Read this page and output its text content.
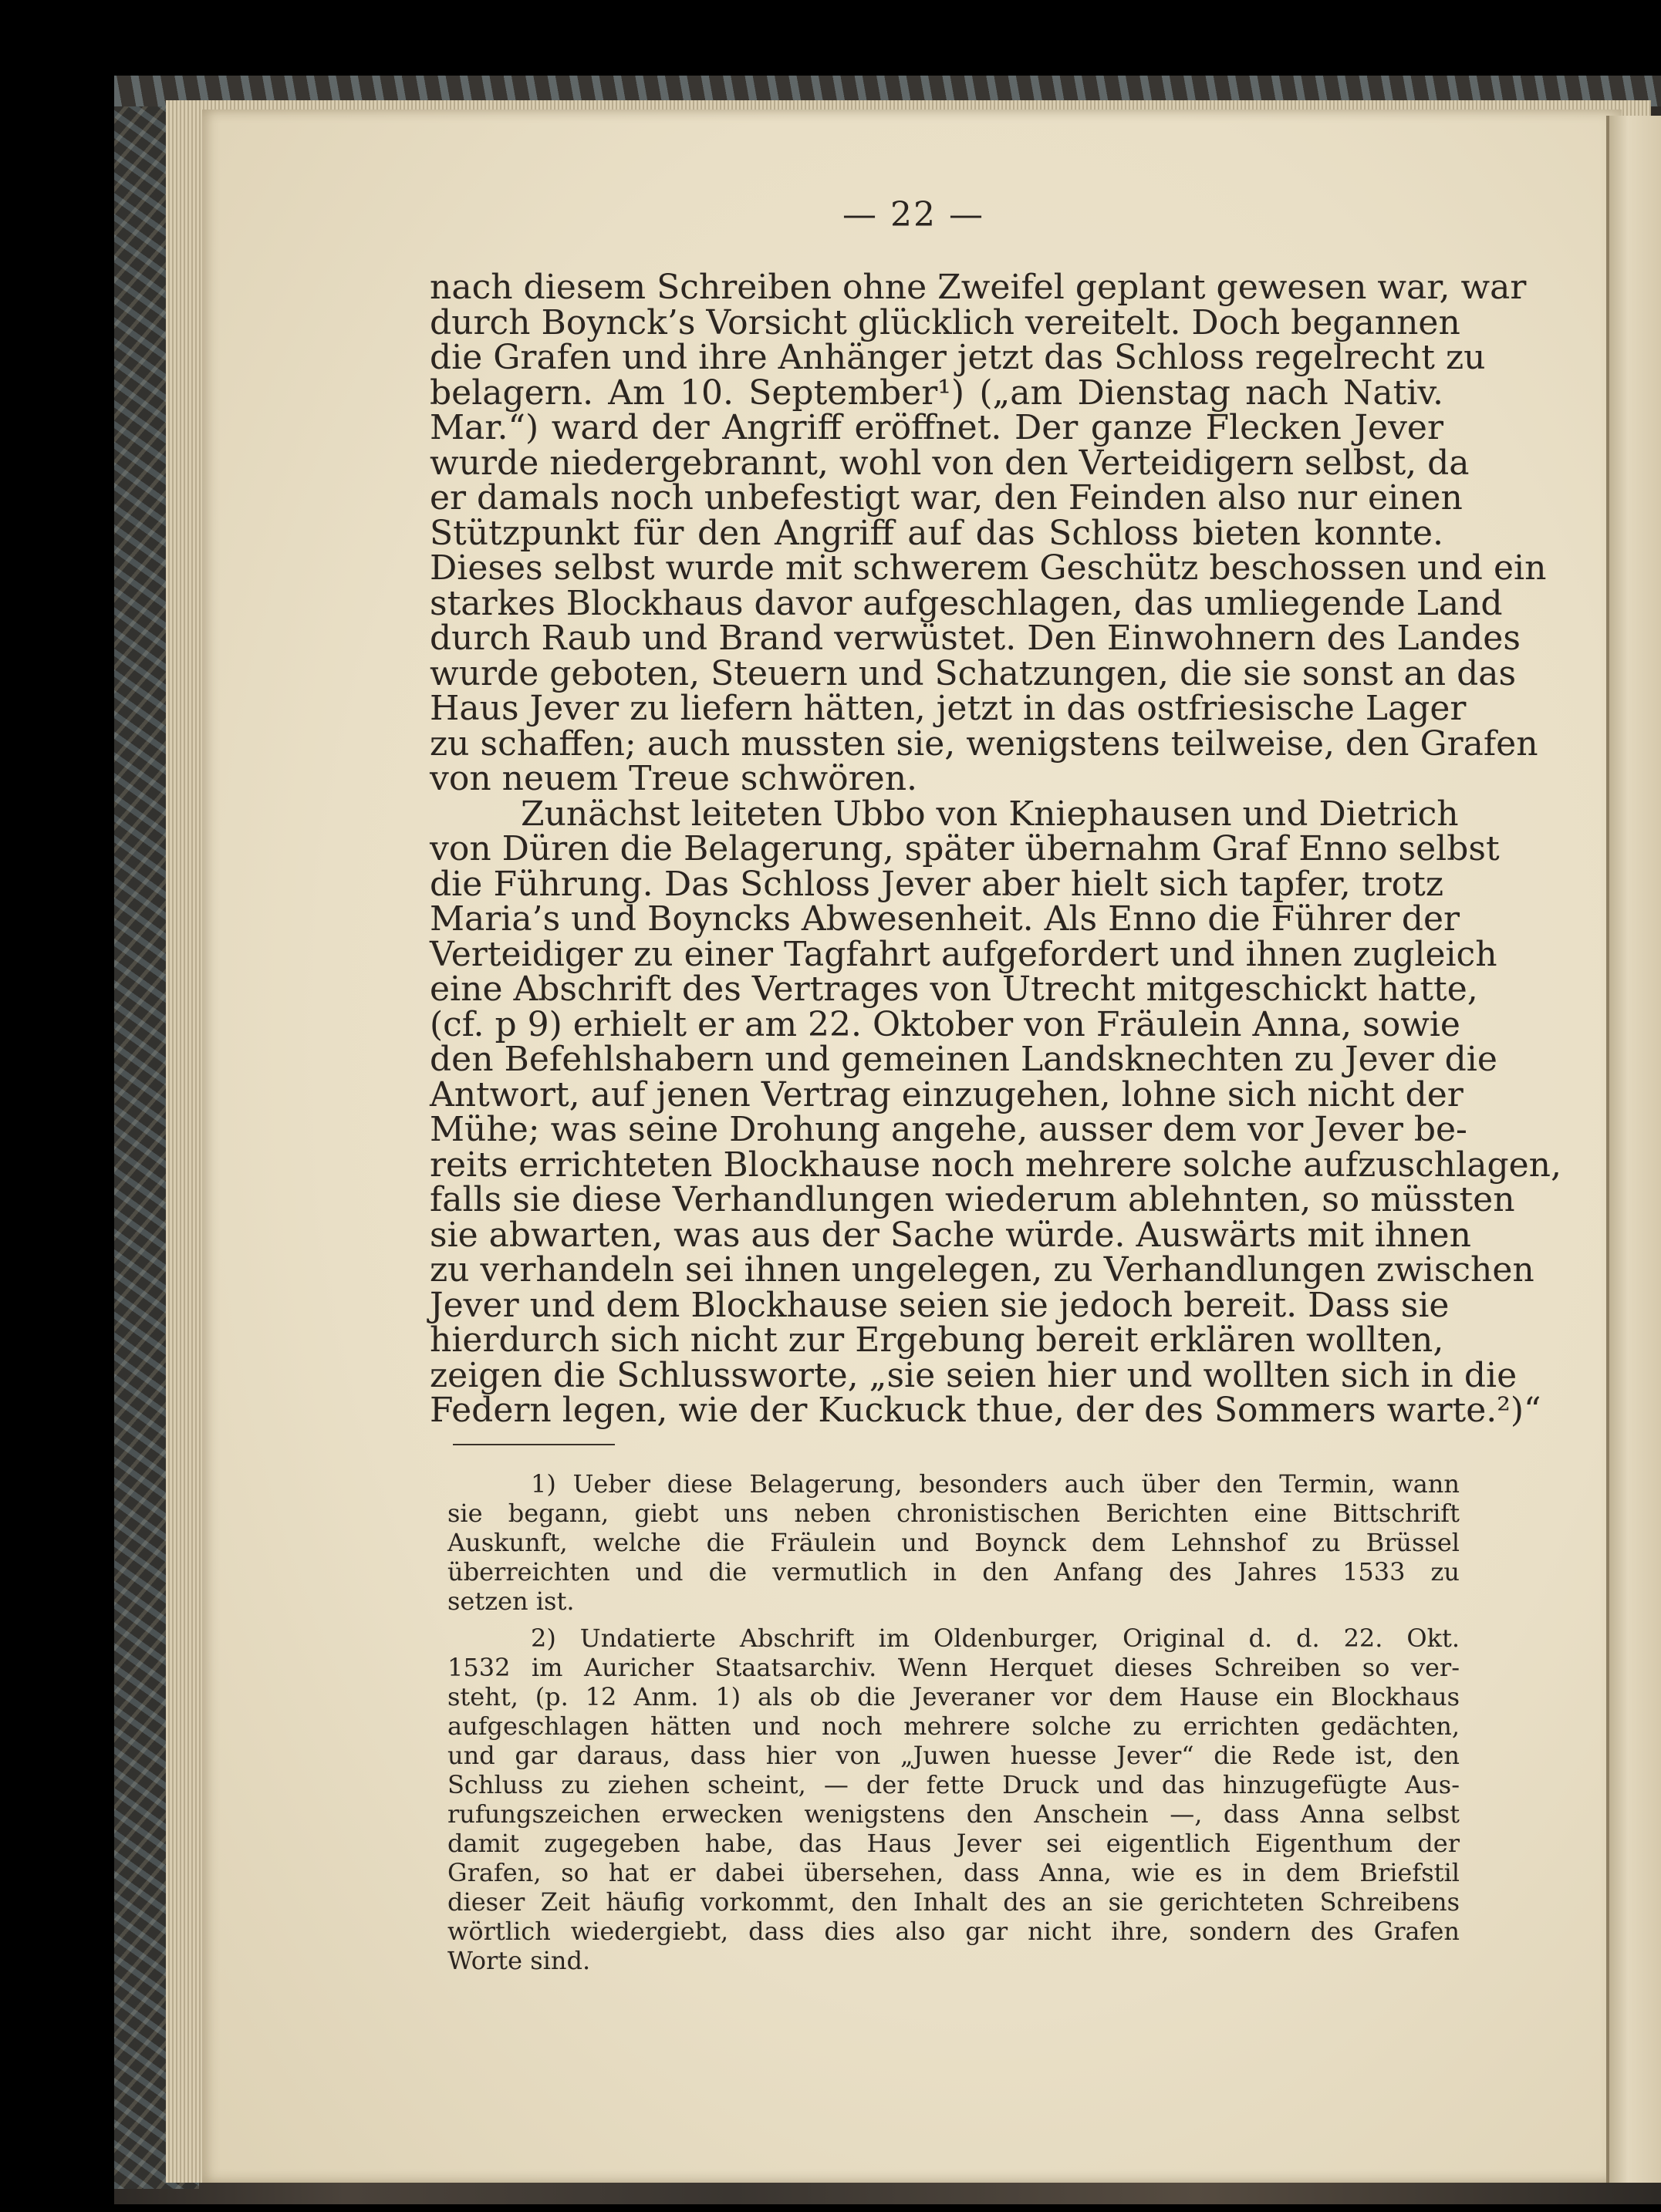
— 22 —
nach diesem Schreiben ohne Zweifel geplant gewesen war, war
durch Boynck’s Vorsicht glücklich vereitelt. Doch begannen
die Grafen und ihre Anhänger jetzt das Schloss regelrecht zu
belagern. Am 10. September¹) („am Dienstag nach Nativ.
Mar.“) ward der Angriff eröffnet. Der ganze Flecken Jever
wurde niedergebrannt, wohl von den Verteidigern selbst, da
er damals noch unbefestigt war, den Feinden also nur einen
Stützpunkt für den Angriff auf das Schloss bieten konnte.
Dieses selbst wurde mit schwerem Geschütz beschossen und ein
starkes Blockhaus davor aufgeschlagen, das umliegende Land
durch Raub und Brand verwüstet. Den Einwohnern des Landes
wurde geboten, Steuern und Schatzungen, die sie sonst an das
Haus Jever zu liefern hätten, jetzt in das ostfriesische Lager
zu schaffen; auch mussten sie, wenigstens teilweise, den Grafen
von neuem Treue schwören.
Zunächst leiteten Ubbo von Kniephausen und Dietrich
von Düren die Belagerung, später übernahm Graf Enno selbst
die Führung. Das Schloss Jever aber hielt sich tapfer, trotz
Maria’s und Boyncks Abwesenheit. Als Enno die Führer der
Verteidiger zu einer Tagfahrt aufgefordert und ihnen zugleich
eine Abschrift des Vertrages von Utrecht mitgeschickt hatte,
(cf. p 9) erhielt er am 22. Oktober von Fräulein Anna, sowie
den Befehlshabern und gemeinen Landsknechten zu Jever die
Antwort, auf jenen Vertrag einzugehen, lohne sich nicht der
Mühe; was seine Drohung angehe, ausser dem vor Jever be-
reits errichteten Blockhause noch mehrere solche aufzuschlagen,
falls sie diese Verhandlungen wiederum ablehnten, so müssten
sie abwarten, was aus der Sache würde. Auswärts mit ihnen
zu verhandeln sei ihnen ungelegen, zu Verhandlungen zwischen
Jever und dem Blockhause seien sie jedoch bereit. Dass sie
hierdurch sich nicht zur Ergebung bereit erklären wollten,
zeigen die Schlussworte, „sie seien hier und wollten sich in die
Federn legen, wie der Kuckuck thue, der des Sommers warte.²)“
1) Ueber diese Belagerung, besonders auch über den Termin, wann
sie begann, giebt uns neben chronistischen Berichten eine Bittschrift
Auskunft, welche die Fräulein und Boynck dem Lehnshof zu Brüssel
überreichten und die vermutlich in den Anfang des Jahres 1533 zu
setzen ist.
2) Undatierte Abschrift im Oldenburger, Original d. d. 22. Okt.
1532 im Auricher Staatsarchiv. Wenn Herquet dieses Schreiben so ver-
steht, (p. 12 Anm. 1) als ob die Jeveraner vor dem Hause ein Blockhaus
aufgeschlagen hätten und noch mehrere solche zu errichten gedächten,
und gar daraus, dass hier von „Juwen huesse Jever“ die Rede ist, den
Schluss zu ziehen scheint, — der fette Druck und das hinzugefügte Aus-
rufungszeichen erwecken wenigstens den Anschein —, dass Anna selbst
damit zugegeben habe, das Haus Jever sei eigentlich Eigenthum der
Grafen, so hat er dabei übersehen, dass Anna, wie es in dem Briefstil
dieser Zeit häufig vorkommt, den Inhalt des an sie gerichteten Schreibens
wörtlich wiedergiebt, dass dies also gar nicht ihre, sondern des Grafen
Worte sind.
